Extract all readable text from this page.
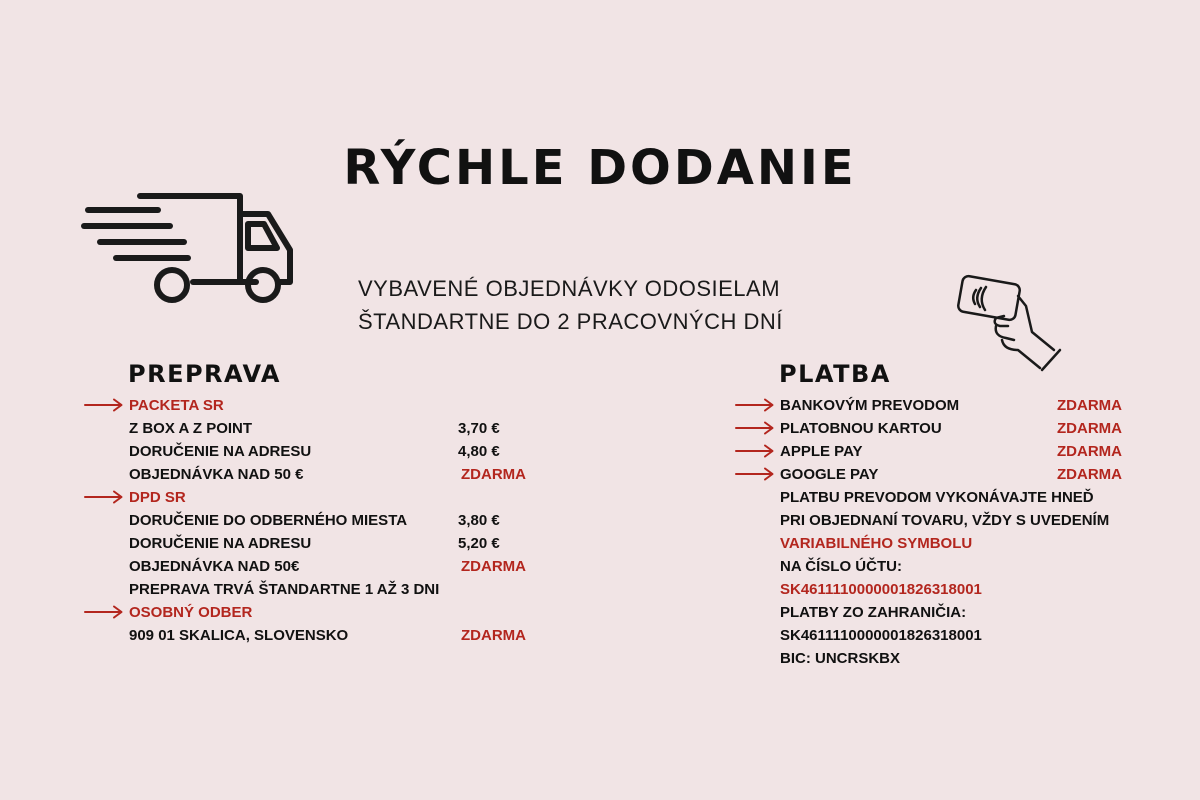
RÝCHLE DODANIE
VYBAVENÉ OBJEDNÁVKY ODOSIELAM
ŠTANDARTNE DO 2 PRACOVNÝCH DNÍ
PREPRAVA
PACKETA SR
Z BOX A Z POINT	3,70 €
DORUČENIE NA ADRESU	4,80 €
OBJEDNÁVKA NAD 50 €	ZDARMA
DPD SR
DORUČENIE DO ODBERNÉHO MIESTA	3,80 €
DORUČENIE NA ADRESU	5,20 €
OBJEDNÁVKA NAD 50€	ZDARMA
PREPRAVA TRVÁ ŠTANDARTNE 1 AŽ 3 DNI
OSOBNÝ ODBER
909 01 SKALICA, SLOVENSKO	ZDARMA
PLATBA
BANKOVÝM PREVODOM	ZDARMA
PLATOBNOU KARTOU	ZDARMA
APPLE PAY	ZDARMA
GOOGLE PAY	ZDARMA
PLATBU PREVODOM VYKONÁVAJTE HNEĎ
PRI OBJEDNANÍ TOVARU, VŽDY S UVEDENÍM
VARIABILNÉHO SYMBOLU
NA ČÍSLO ÚČTU:
SK4611110000001826318001
PLATBY ZO ZAHRANIČIA:
SK4611110000001826318001
BIC: UNCRSKBX
